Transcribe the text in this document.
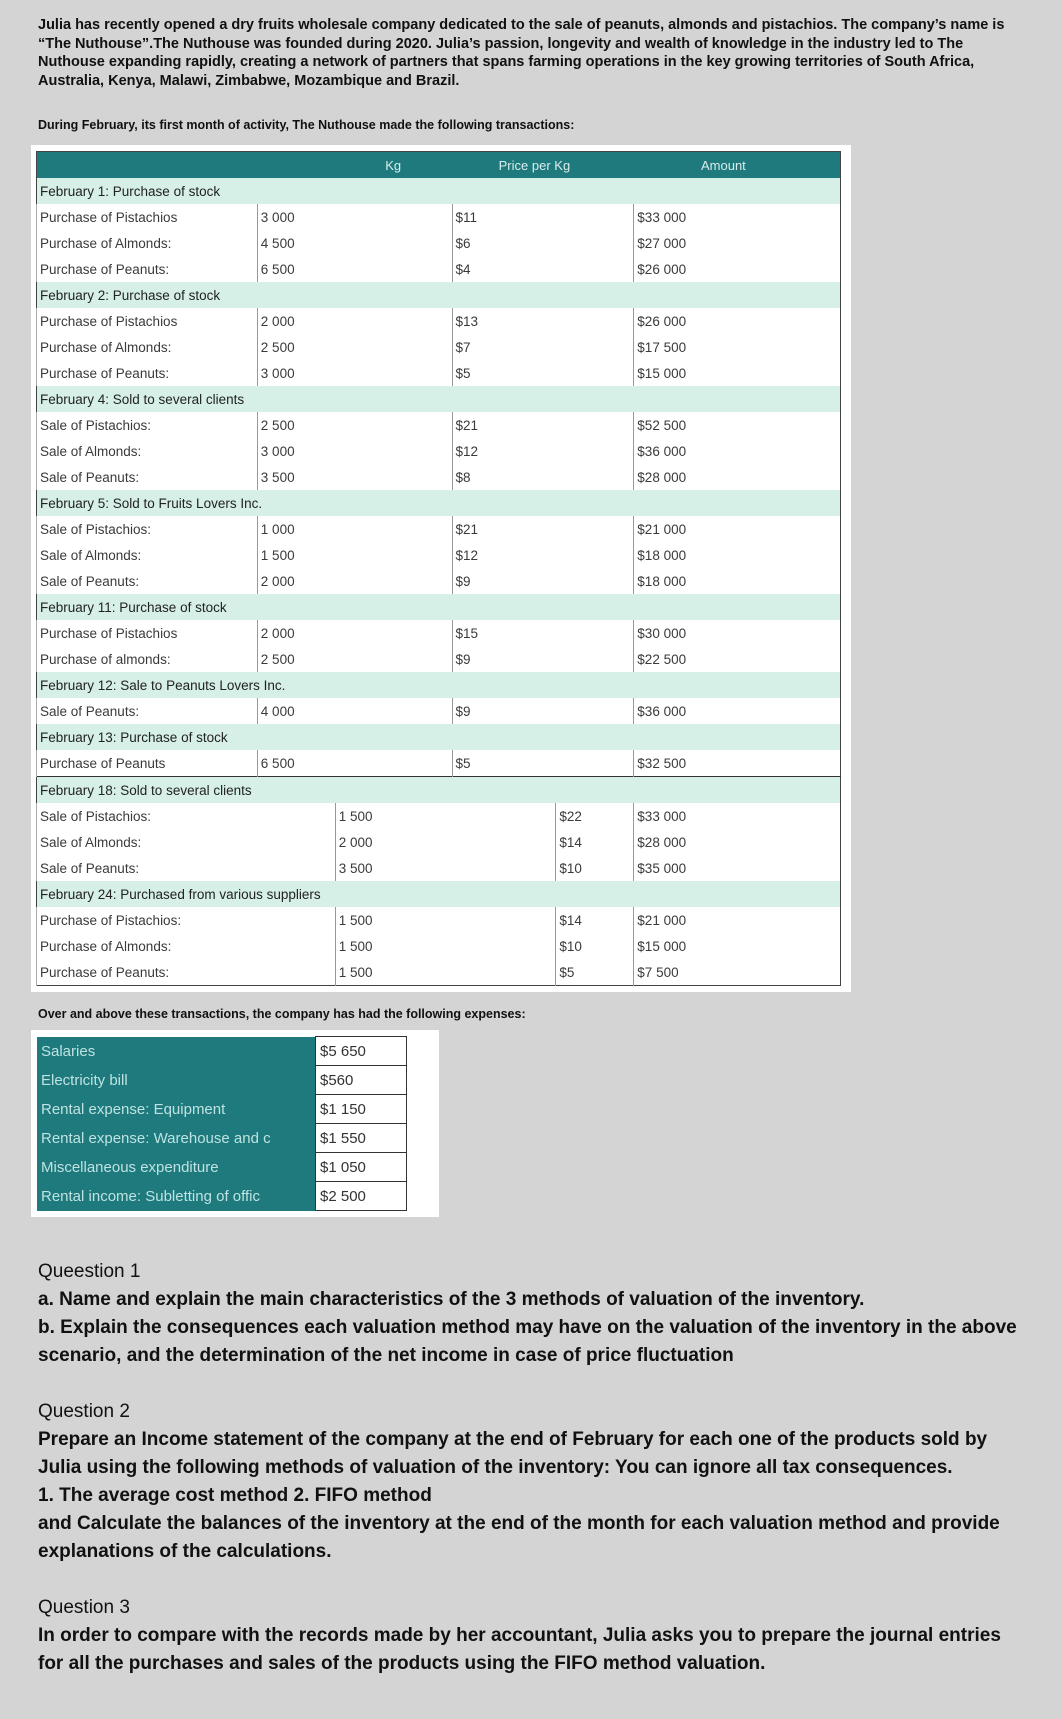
Julia has recently opened a dry fruits wholesale company dedicated to the sale of peanuts, almonds and pistachios. The company’s name is “The Nuthouse”.The Nuthouse was founded during 2020. Julia’s passion, longevity and wealth of knowledge in the industry led to The Nuthouse expanding rapidly, creating a network of partners that spans farming operations in the key growing territories of South Africa, Australia, Kenya, Malawi, Zimbabwe, Mozambique and Brazil.
During February, its first month of activity, The Nuthouse made the following transactions:
	Kg		Price per Kg		Amount
February 1: Purchase of stock					
Purchase of Pistachios	3 000		$11		$33 000
Purchase of Almonds:	4 500		$6		$27 000
Purchase of Peanuts:	6 500		$4		$26 000
February 2: Purchase of stock					
Purchase of Pistachios	2 000		$13		$26 000
Purchase of Almonds:	2 500		$7		$17 500
Purchase of Peanuts:	3 000		$5		$15 000
February 4: Sold to several clients					
Sale of Pistachios:	2 500		$21		$52 500
Sale of Almonds:	3 000		$12		$36 000
Sale of Peanuts:	3 500		$8		$28 000
February 5: Sold to Fruits Lovers Inc.					
Sale of Pistachios:	1 000		$21		$21 000
Sale of Almonds:	1 500		$12		$18 000
Sale of Peanuts:	2 000		$9		$18 000
February 11: Purchase of stock					
Purchase of Pistachios	2 000		$15		$30 000
Purchase of almonds:	2 500		$9		$22 500
February 12: Sale to Peanuts Lovers Inc.					
Sale of Peanuts:	4 000		$9		$36 000
February 13: Purchase of stock					
Purchase of Peanuts	6 500		$5		$32 500
February 18: Sold to several clients					
Sale of Pistachios:		1 500		$22	$33 000
Sale of Almonds:		2 000		$14	$28 000
Sale of Peanuts:		3 500		$10	$35 000
February 24: Purchased from various suppliers					
Purchase of Pistachios:		1 500		$14	$21 000
Purchase of Almonds:		1 500		$10	$15 000
Purchase of Peanuts:		1 500		$5	$7 500
Over and above these transactions, the company has had the following expenses:
Salaries	$5 650
Electricity bill	$560
Rental expense: Equipment	$1 150
Rental expense: Warehouse and c	$1 550
Miscellaneous expenditure	$1 050
Rental income: Subletting of offic	$2 500
Queestion 1
a. Name and explain the main characteristics of the 3 methods of valuation of the inventory.
b. Explain the consequences each valuation method may have on the valuation of the inventory in the above scenario, and the determination of the net income in case of price fluctuation
Question 2
Prepare an Income statement of the company at the end of February for each one of the products sold by Julia using the following methods of valuation of the inventory: You can ignore all tax consequences.
1. The average cost method 2. FIFO method
and Calculate the balances of the inventory at the end of the month for each valuation method and provide explanations of the calculations.
Question 3
In order to compare with the records made by her accountant, Julia asks you to prepare the journal entries for all the purchases and sales of the products using the FIFO method valuation.
